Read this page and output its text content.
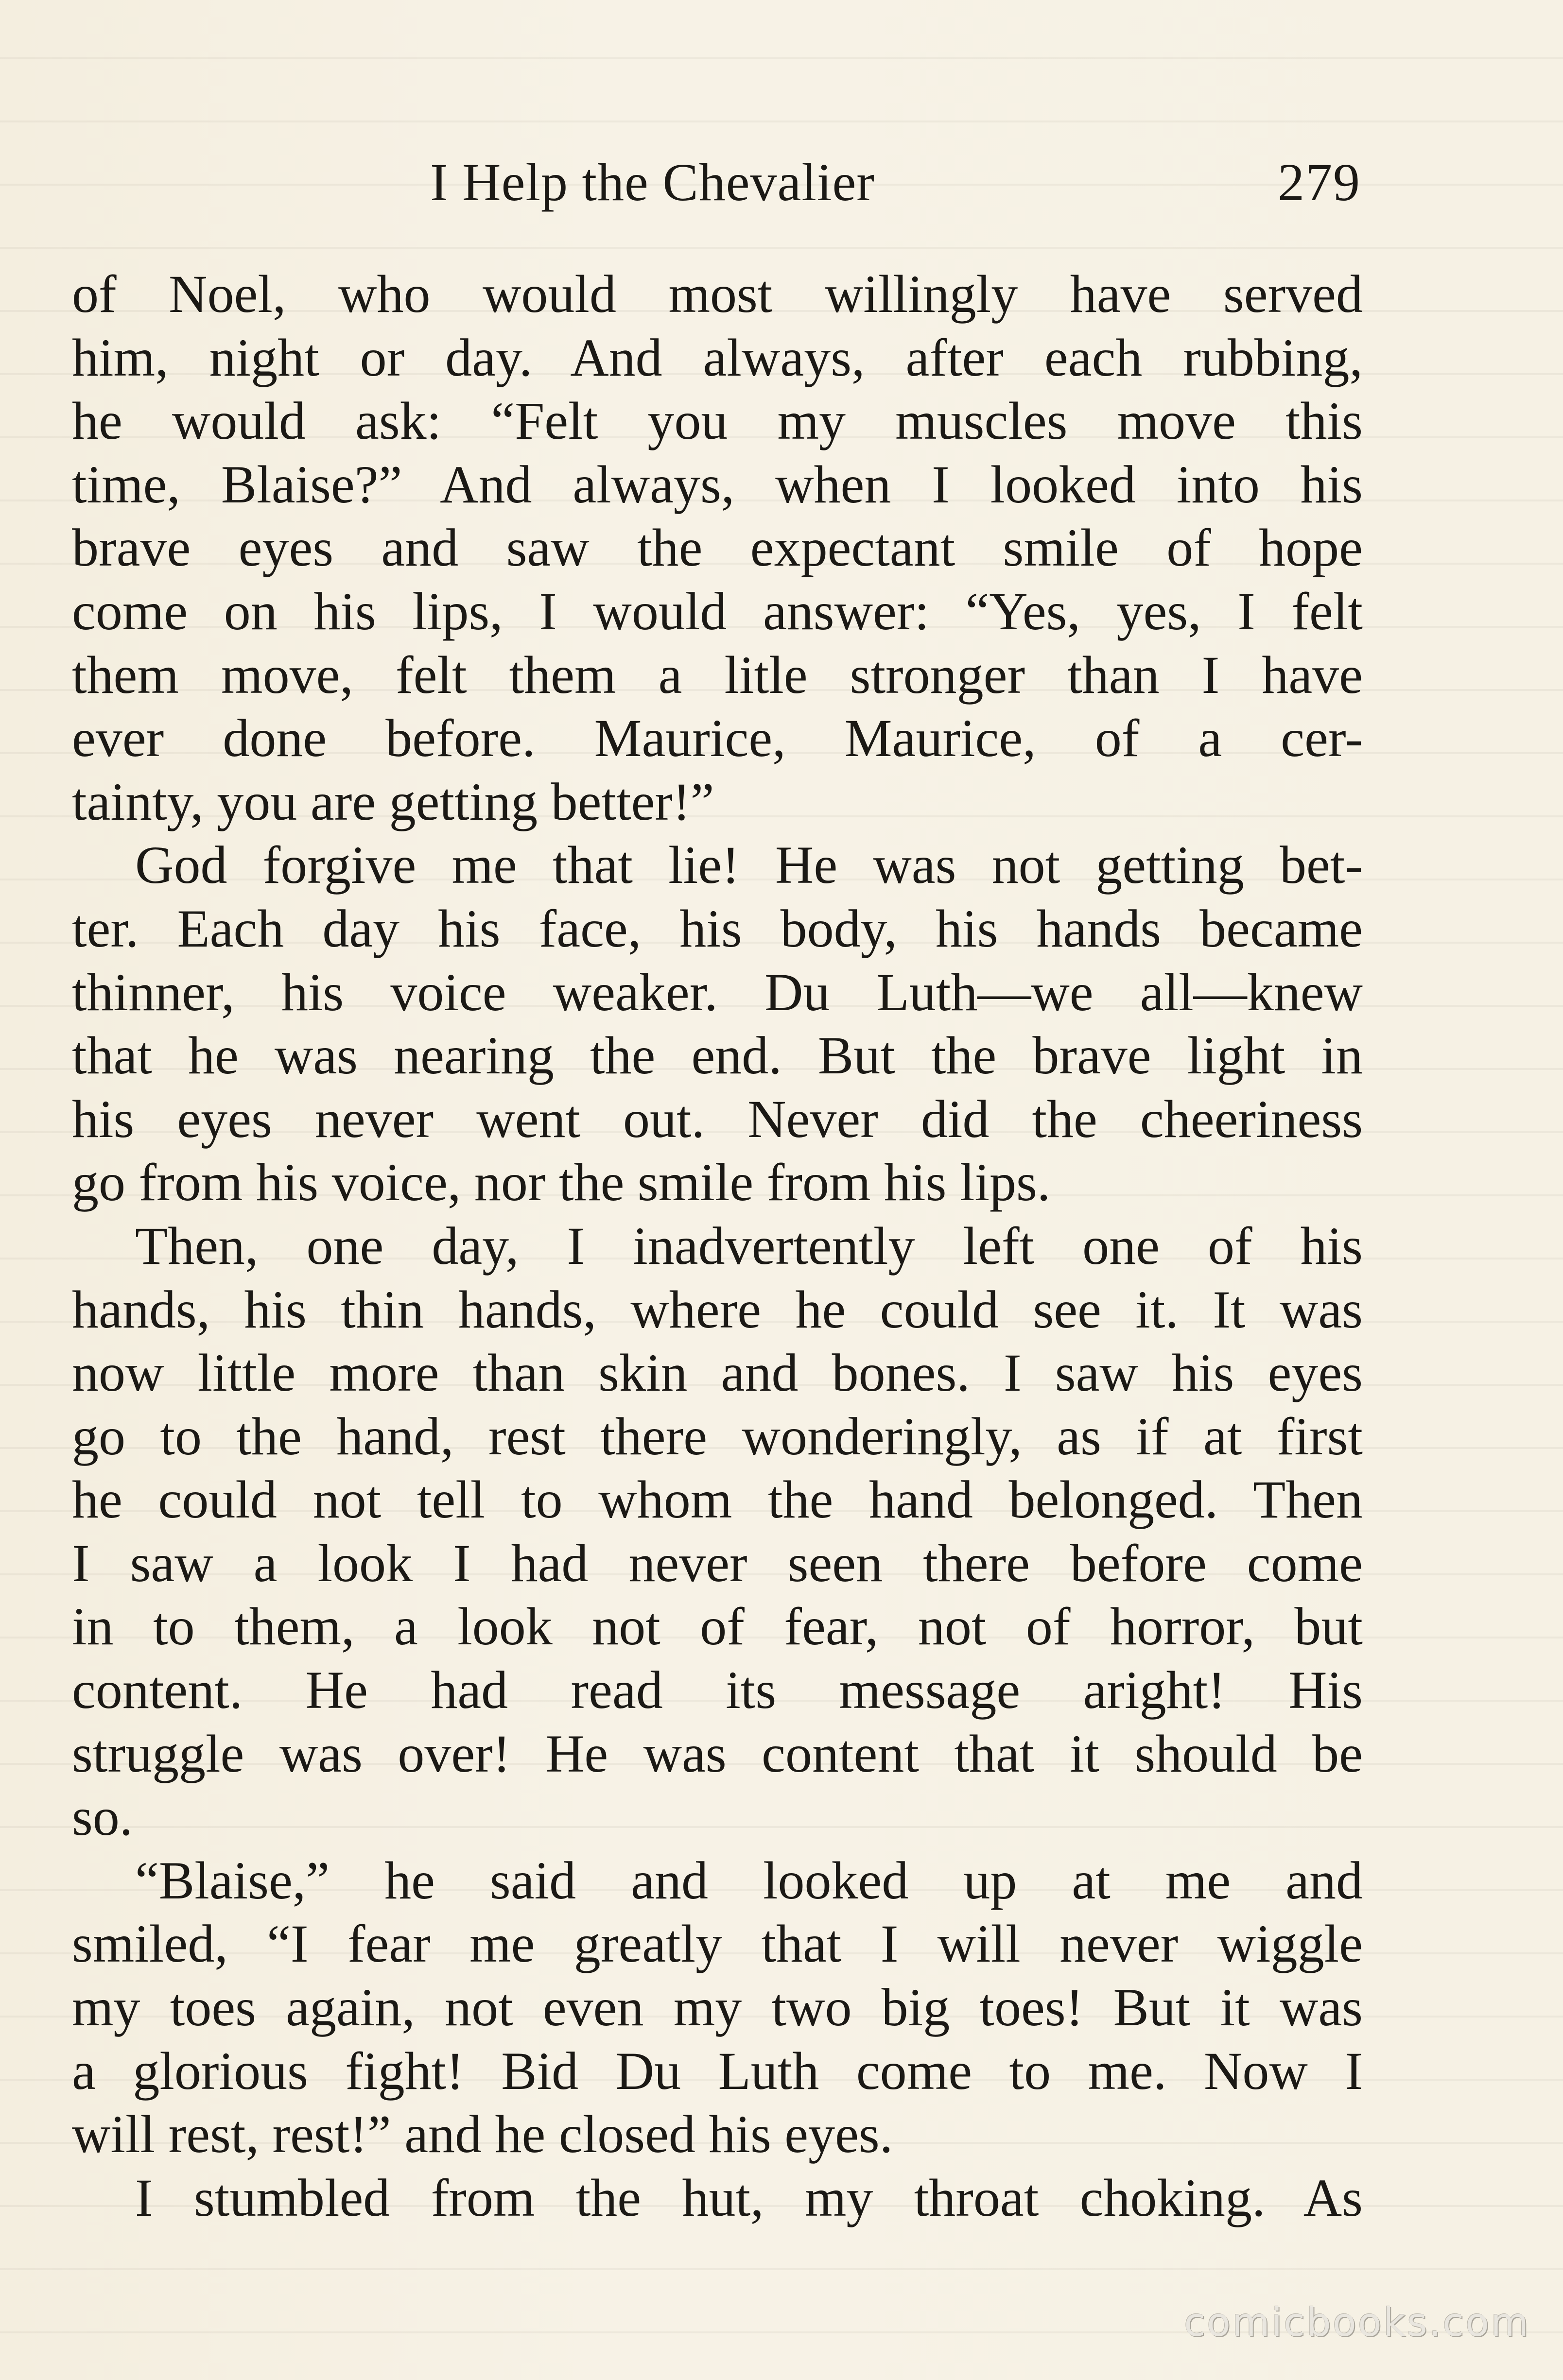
I Help the Chevalier	279
of Noel, who would most willingly have served
him, night or day. And always, after each rubbing,
he would ask: “Felt you my muscles move this
time, Blaise?” And always, when I looked into his
brave eyes and saw the expectant smile of hope
come on his lips, I would answer: “Yes, yes, I felt
them move, felt them a litle stronger than I have
ever done before. Maurice, Maurice, of a cer-
tainty, you are getting better!”
God forgive me that lie! He was not getting bet-
ter. Each day his face, his body, his hands became
thinner, his voice weaker. Du Luth—we all—knew
that he was nearing the end. But the brave light in
his eyes never went out. Never did the cheeriness
go from his voice, nor the smile from his lips.
Then, one day, I inadvertently left one of his
hands, his thin hands, where he could see it. It was
now little more than skin and bones. I saw his eyes
go to the hand, rest there wonderingly, as if at first
he could not tell to whom the hand belonged. Then
I saw a look I had never seen there before come
in to them, a look not of fear, not of horror, but
content. He had read its message aright! His
struggle was over! He was content that it should be
so.
“Blaise,” he said and looked up at me and
smiled, “I fear me greatly that I will never wiggle
my toes again, not even my two big toes! But it was
a glorious fight! Bid Du Luth come to me. Now I
will rest, rest!” and he closed his eyes.
I stumbled from the hut, my throat choking. As
comicbooks.com
